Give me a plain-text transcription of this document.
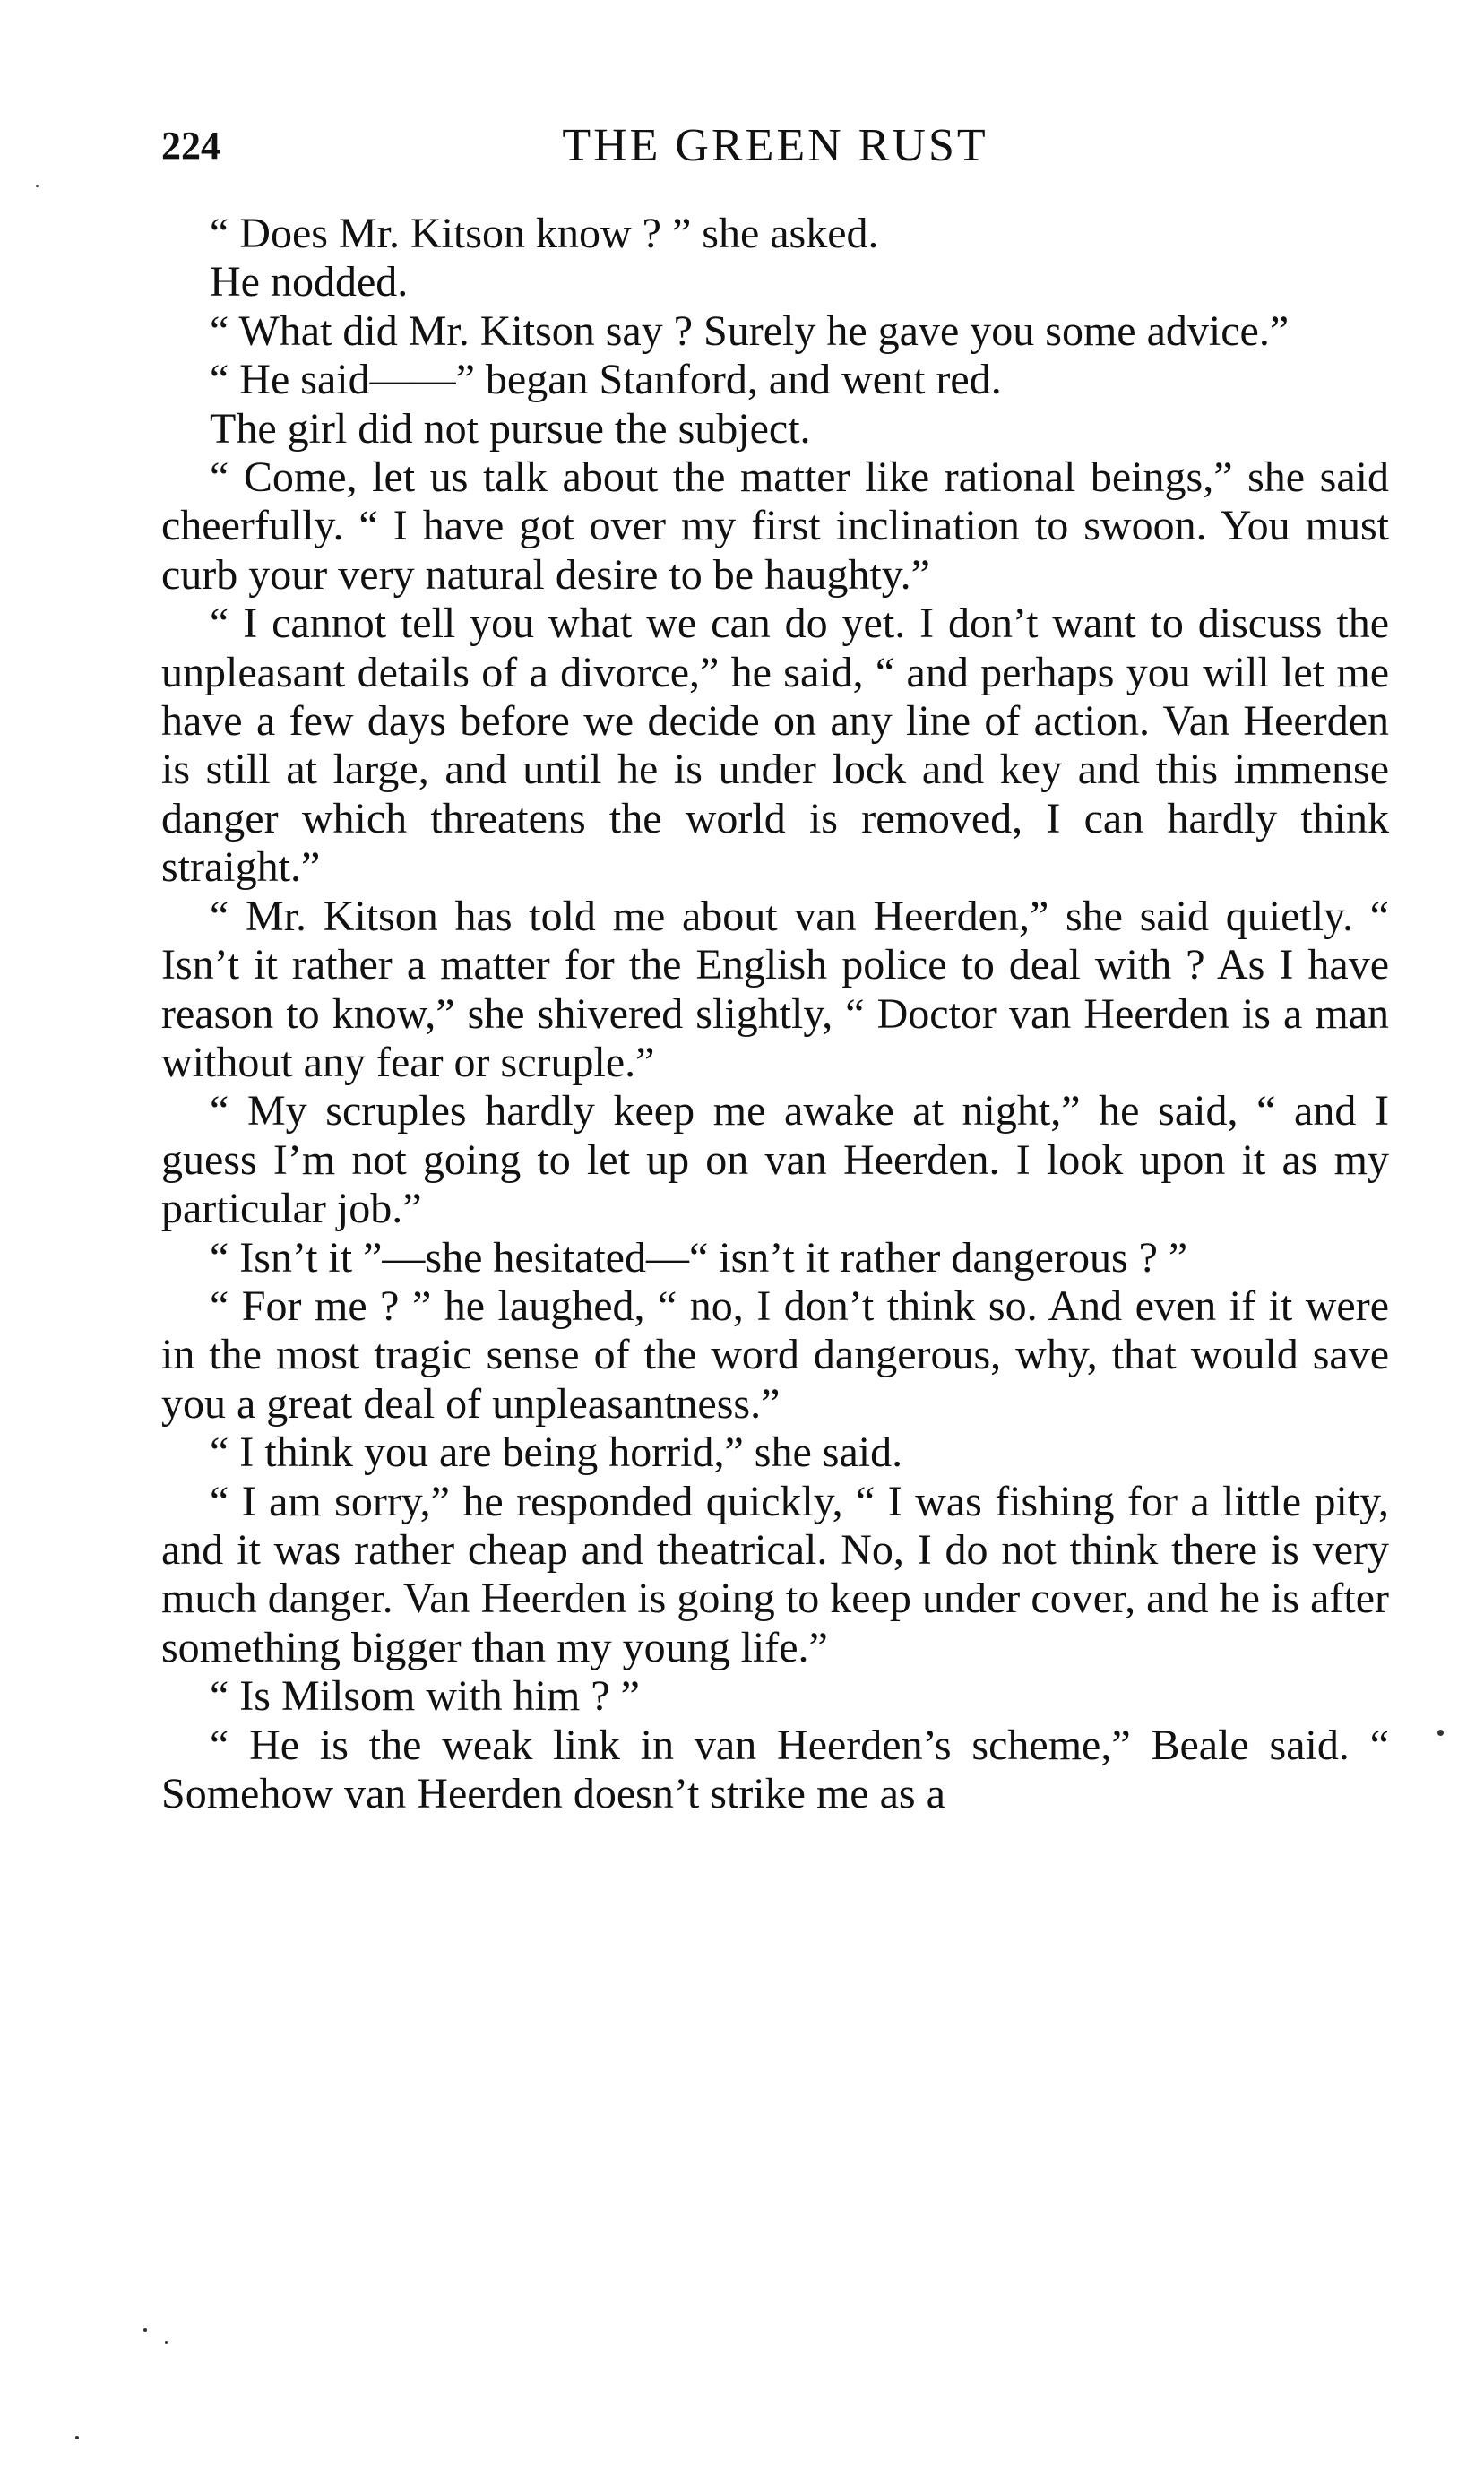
224	THE GREEN RUST

“ Does Mr. Kitson know ? ” she asked.

He nodded.

“ What did Mr. Kitson say ? Surely he gave you some advice.”

“ He said——” began Stanford, and went red.

The girl did not pursue the subject.

“ Come, let us talk about the matter like rational beings,” she said cheerfully. “ I have got over my first inclination to swoon. You must curb your very natural desire to be haughty.”

“ I cannot tell you what we can do yet. I don’t want to discuss the unpleasant details of a divorce,” he said, “ and perhaps you will let me have a few days before we decide on any line of action. Van Heerden is still at large, and until he is under lock and key and this immense danger which threatens the world is removed, I can hardly think straight.”

“ Mr. Kitson has told me about van Heerden,” she said quietly. “ Isn’t it rather a matter for the English police to deal with ? As I have reason to know,” she shivered slightly, “ Doctor van Heerden is a man without any fear or scruple.”

“ My scruples hardly keep me awake at night,” he said, “ and I guess I’m not going to let up on van Heerden. I look upon it as my particular job.”

“ Isn’t it ”—she hesitated—“ isn’t it rather dangerous ? ”

“ For me ? ” he laughed, “ no, I don’t think so. And even if it were in the most tragic sense of the word dangerous, why, that would save you a great deal of unpleasantness.”

“ I think you are being horrid,” she said.

“ I am sorry,” he responded quickly, “ I was fishing for a little pity, and it was rather cheap and theatrical. No, I do not think there is very much danger. Van Heerden is going to keep under cover, and he is after something bigger than my young life.”

“ Is Milsom with him ? ”

“ He is the weak link in van Heerden’s scheme,” Beale said. “ Somehow van Heerden doesn’t strike me as a
